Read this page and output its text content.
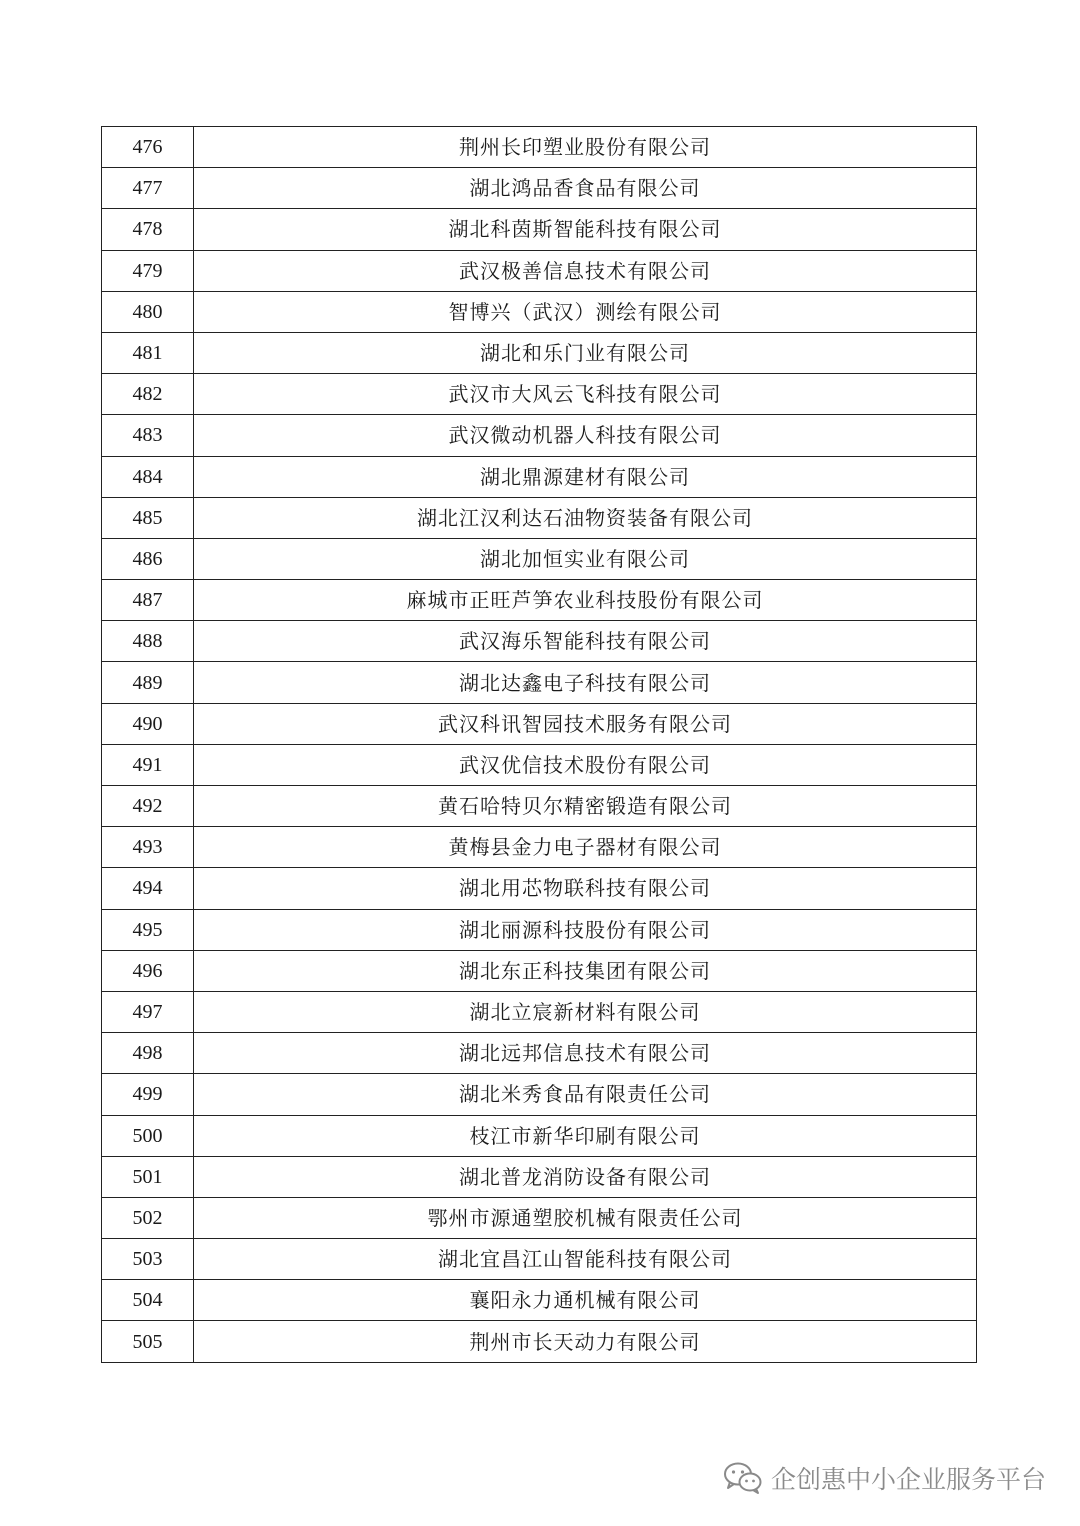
476	荆州长印塑业股份有限公司
477	湖北鸿品香食品有限公司
478	湖北科茵斯智能科技有限公司
479	武汉极善信息技术有限公司
480	智博兴（武汉）测绘有限公司
481	湖北和乐门业有限公司
482	武汉市大风云飞科技有限公司
483	武汉微动机器人科技有限公司
484	湖北鼎源建材有限公司
485	湖北江汉利达石油物资装备有限公司
486	湖北加恒实业有限公司
487	麻城市正旺芦笋农业科技股份有限公司
488	武汉海乐智能科技有限公司
489	湖北达鑫电子科技有限公司
490	武汉科讯智园技术服务有限公司
491	武汉优信技术股份有限公司
492	黄石哈特贝尔精密锻造有限公司
493	黄梅县金力电子器材有限公司
494	湖北用芯物联科技有限公司
495	湖北丽源科技股份有限公司
496	湖北东正科技集团有限公司
497	湖北立宸新材料有限公司
498	湖北远邦信息技术有限公司
499	湖北米秀食品有限责任公司
500	枝江市新华印刷有限公司
501	湖北普龙消防设备有限公司
502	鄂州市源通塑胶机械有限责任公司
503	湖北宜昌江山智能科技有限公司
504	襄阳永力通机械有限公司
505	荆州市长天动力有限公司
企创惠中小企业服务平台
